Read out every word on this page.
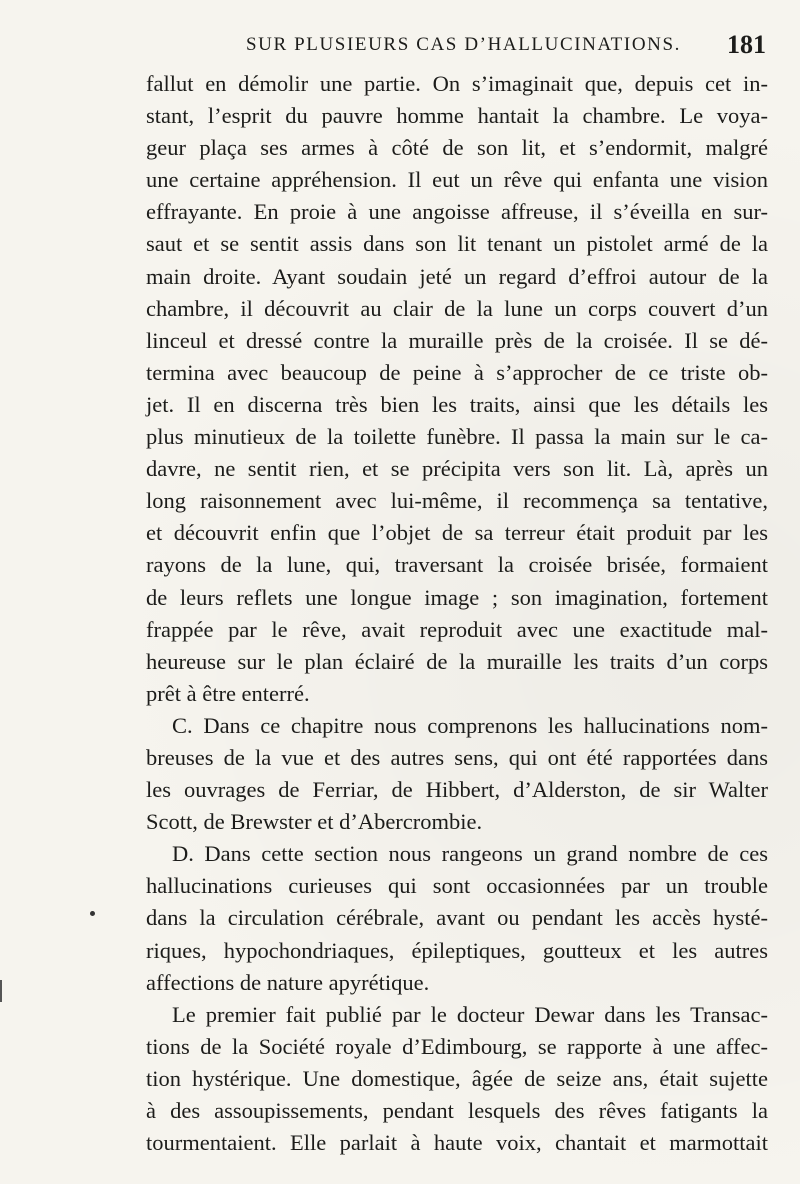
SUR PLUSIEURS CAS D’HALLUCINATIONS. 181
fallut en démolir une partie. On s’imaginait que, depuis cet in-
stant, l’esprit du pauvre homme hantait la chambre. Le voya-
geur plaça ses armes à côté de son lit, et s’endormit, malgré
une certaine appréhension. Il eut un rêve qui enfanta une vision
effrayante. En proie à une angoisse affreuse, il s’éveilla en sur-
saut et se sentit assis dans son lit tenant un pistolet armé de la
main droite. Ayant soudain jeté un regard d’effroi autour de la
chambre, il découvrit au clair de la lune un corps couvert d’un
linceul et dressé contre la muraille près de la croisée. Il se dé-
termina avec beaucoup de peine à s’approcher de ce triste ob-
jet. Il en discerna très bien les traits, ainsi que les détails les
plus minutieux de la toilette funèbre. Il passa la main sur le ca-
davre, ne sentit rien, et se précipita vers son lit. Là, après un
long raisonnement avec lui-même, il recommença sa tentative,
et découvrit enfin que l’objet de sa terreur était produit par les
rayons de la lune, qui, traversant la croisée brisée, formaient
de leurs reflets une longue image ; son imagination, fortement
frappée par le rêve, avait reproduit avec une exactitude mal-
heureuse sur le plan éclairé de la muraille les traits d’un corps
prêt à être enterré.
C. Dans ce chapitre nous comprenons les hallucinations nom-
breuses de la vue et des autres sens, qui ont été rapportées dans
les ouvrages de Ferriar, de Hibbert, d’Alderston, de sir Walter
Scott, de Brewster et d’Abercrombie.
D. Dans cette section nous rangeons un grand nombre de ces
hallucinations curieuses qui sont occasionnées par un trouble
dans la circulation cérébrale, avant ou pendant les accès hysté-
riques, hypochondriaques, épileptiques, goutteux et les autres
affections de nature apyrétique.
Le premier fait publié par le docteur Dewar dans les Transac-
tions de la Société royale d’Edimbourg, se rapporte à une affec-
tion hystérique. Une domestique, âgée de seize ans, était sujette
à des assoupissements, pendant lesquels des rêves fatigants la
tourmentaient. Elle parlait à haute voix, chantait et marmottait
